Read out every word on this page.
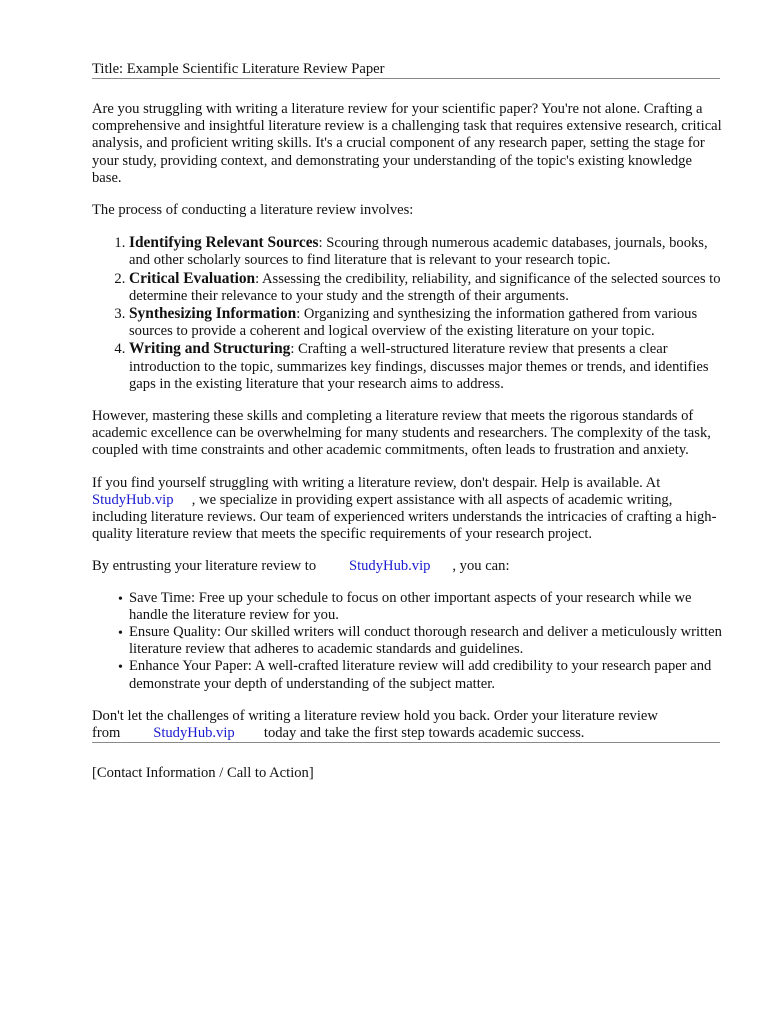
Title: Example Scientific Literature Review Paper

Are you struggling with writing a literature review for your scientific paper? You're not alone. Crafting a comprehensive and insightful literature review is a challenging task that requires extensive research, critical analysis, and proficient writing skills. It's a crucial component of any research paper, setting the stage for your study, providing context, and demonstrating your understanding of the topic's existing knowledge base.

The process of conducting a literature review involves:

1. Identifying Relevant Sources: Scouring through numerous academic databases, journals, books, and other scholarly sources to find literature that is relevant to your research topic.
2. Critical Evaluation: Assessing the credibility, reliability, and significance of the selected sources to determine their relevance to your study and the strength of their arguments.
3. Synthesizing Information: Organizing and synthesizing the information gathered from various sources to provide a coherent and logical overview of the existing literature on your topic.
4. Writing and Structuring: Crafting a well-structured literature review that presents a clear introduction to the topic, summarizes key findings, discusses major themes or trends, and identifies gaps in the existing literature that your research aims to address.

However, mastering these skills and completing a literature review that meets the rigorous standards of academic excellence can be overwhelming for many students and researchers. The complexity of the task, coupled with time constraints and other academic commitments, often leads to frustration and anxiety.

If you find yourself struggling with writing a literature review, don't despair. Help is available. At
StudyHub.vip , we specialize in providing expert assistance with all aspects of academic writing, including literature reviews. Our team of experienced writers understands the intricacies of crafting a high-quality literature review that meets the specific requirements of your research project.

By entrusting your literature review to StudyHub.vip , you can:

• Save Time: Free up your schedule to focus on other important aspects of your research while we handle the literature review for you.
• Ensure Quality: Our skilled writers will conduct thorough research and deliver a meticulously written literature review that adheres to academic standards and guidelines.
• Enhance Your Paper: A well-crafted literature review will add credibility to your research paper and demonstrate your depth of understanding of the subject matter.

Don't let the challenges of writing a literature review hold you back. Order your literature review from StudyHub.vip today and take the first step towards academic success.

[Contact Information / Call to Action]
